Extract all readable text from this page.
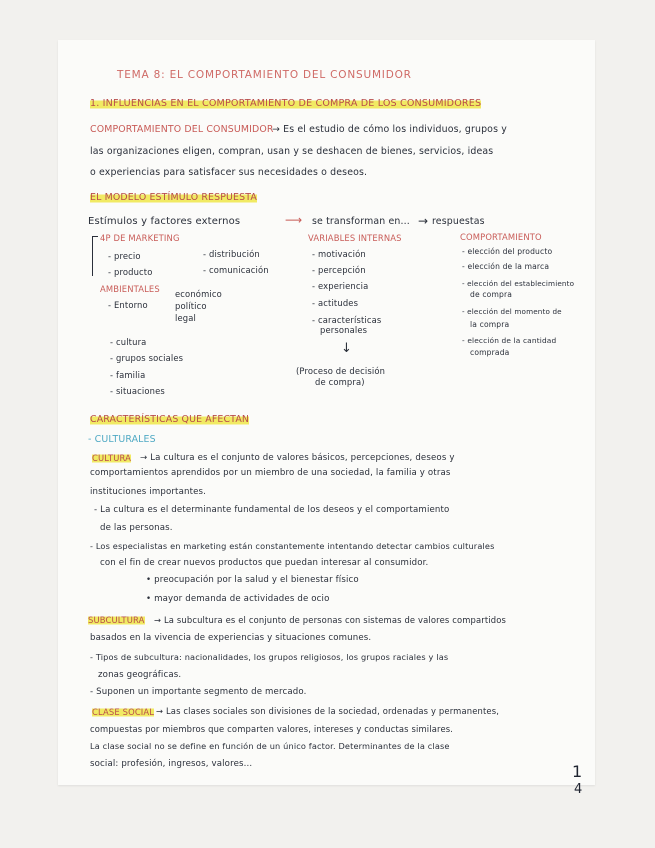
TEMA 8: EL COMPORTAMIENTO DEL CONSUMIDOR
1. INFLUENCIAS EN EL COMPORTAMIENTO DE COMPRA DE LOS CONSUMIDORES
COMPORTAMIENTO DEL CONSUMIDOR
→ Es el estudio de cómo los individuos, grupos y
las organizaciones eligen, compran, usan y se deshacen de bienes, servicios, ideas
o experiencias para satisfacer sus necesidades o deseos.
EL MODELO ESTÍMULO RESPUESTA
Estímulos y factores externos	⟶ se transforman en... → respuestas
4P DE MARKETING
- precio
- producto
- distribución
- comunicación
AMBIENTALES
- Entorno
económico
político
legal
- cultura
- grupos sociales
- familia
- situaciones
VARIABLES INTERNAS
- motivación
- percepción
- experiencia
- actitudes
- características
personales
↓
(Proceso de decisión
de compra)
COMPORTAMIENTO
- elección del producto
- elección de la marca
- elección del establecimiento
de compra
- elección del momento de
la compra
- elección de la cantidad
comprada
CARACTERÍSTICAS QUE AFECTAN
- CULTURALES
CULTURA → La cultura es el conjunto de valores básicos, percepciones, deseos y
comportamientos aprendidos por un miembro de una sociedad, la familia y otras
instituciones importantes.
- La cultura es el determinante fundamental de los deseos y el comportamiento
de las personas.
- Los especialistas en marketing están constantemente intentando detectar cambios culturales
con el fin de crear nuevos productos que puedan interesar al consumidor.
• preocupación por la salud y el bienestar físico
• mayor demanda de actividades de ocio
SUBCULTURA → La subcultura es el conjunto de personas con sistemas de valores compartidos
basados en la vivencia de experiencias y situaciones comunes.
- Tipos de subcultura: nacionalidades, los grupos religiosos, los grupos raciales y las
zonas geográficas.
- Suponen un importante segmento de mercado.
CLASE SOCIAL → Las clases sociales son divisiones de la sociedad, ordenadas y permanentes,
compuestas por miembros que comparten valores, intereses y conductas similares.
La clase social no se define en función de un único factor. Determinantes de la clase
social: profesión, ingresos, valores...	1
4
